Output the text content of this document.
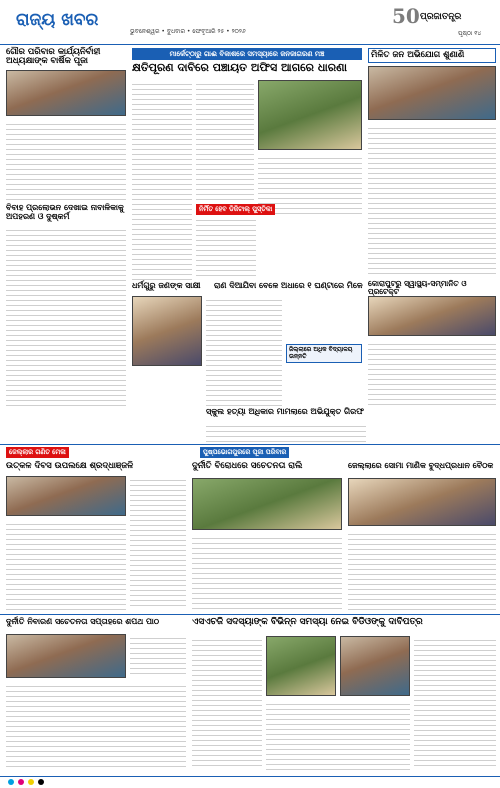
ରାଜ୍ୟ ଖବର
ଭୁବନେଶ୍ୱର • ବୁଧବାର • ଫେବୃଆରି ୨୫ • ୨୦୨୬
50 ପ୍ରଜାତନ୍ତ୍ର
ପୃଷ୍ଠା ୧୪
ଗୌର ପରିବାର କାର୍ଯ୍ୟନିର୍ବାହୀ ଅଧ୍ୟକ୍ଷାଙ୍କ ବାର୍ଷିକ ପୂଜା
ବିବାହ ପ୍ରଲୋଭନ ଦେଖାଇ ନାବାଳିକାକୁ ଅପହରଣ ଓ ଦୁଷ୍କର୍ମ
ମାର୍କେଟ୍‌ଠାରୁ ଗାଈ ବିକାଶରେ ସମସ୍ୟାରେ ଜନଜାଗରଣ ମଞ୍ଚ
କ୍ଷତିପୂରଣ ଦାବିରେ ପଞ୍ଚାୟତ ଅଫିସ ଆଗରେ ଧାରଣା
ନିର୍ମିତ ହେବ ଡିଜିଟାଲ୍ ପୁସ୍ତିକା
ମିଳିତ ଜନ ଅଭିଯୋଗ ଶୁଣାଣି
ଧର୍ମଗୁରୁ ଜଣଙ୍କ ସାକ୍ଷୀ	ରାଣ ଦିଆଯିବା ବେଳେ ଅଧାରେ ୧ ଘଣ୍ଟାରେ ମିଳେ
ଜିଲ୍ଲାରେ ଅଧିକ ବିଦ୍ୟାଳୟ ଉନ୍ନତି
କୋରାପୁଟରୁ ସ୍ୱାସ୍ଥ୍ୟ-ସମ୍ମାନିତ ଓ ପ୍ରଟେକ୍ଟ
ସ୍କୁଲ ହତ୍ୟା ଅଧିକାର ମାମଲାରେ ଅଭିଯୁକ୍ତ ଗିରଫ
ଜେଲ୍ଲାର ଗଣିତ ମେଳା	ପୁଷ୍ପଭୋଗପୁରରେ ପୂଜା ପରିବାର
ଉତ୍କଳ ଦିବସ ଉପଲକ୍ଷେ ଶ୍ରଦ୍ଧାଞ୍ଜଳି	ଦୁର୍ନୀତି ବିରୋଧରେ ସଚେତନତା ରାଲି	ଜେଲ୍ଲାରେ ସୋମା ମାଣିକ ବୁଦ୍ଧପ୍ରଧାନ ବୈଠକ
ଦୁର୍ନୀତି ନିବାରଣ ସଚେତନତା ସପ୍ତାହରେ ଶପଥ ପାଠ	ଏସଏଚଜି ସଦସ୍ୟାଙ୍କ ବିଭିନ୍ନ ସମସ୍ୟା ନେଇ ବିଡିଓଙ୍କୁ ଦାବିପତ୍ର
